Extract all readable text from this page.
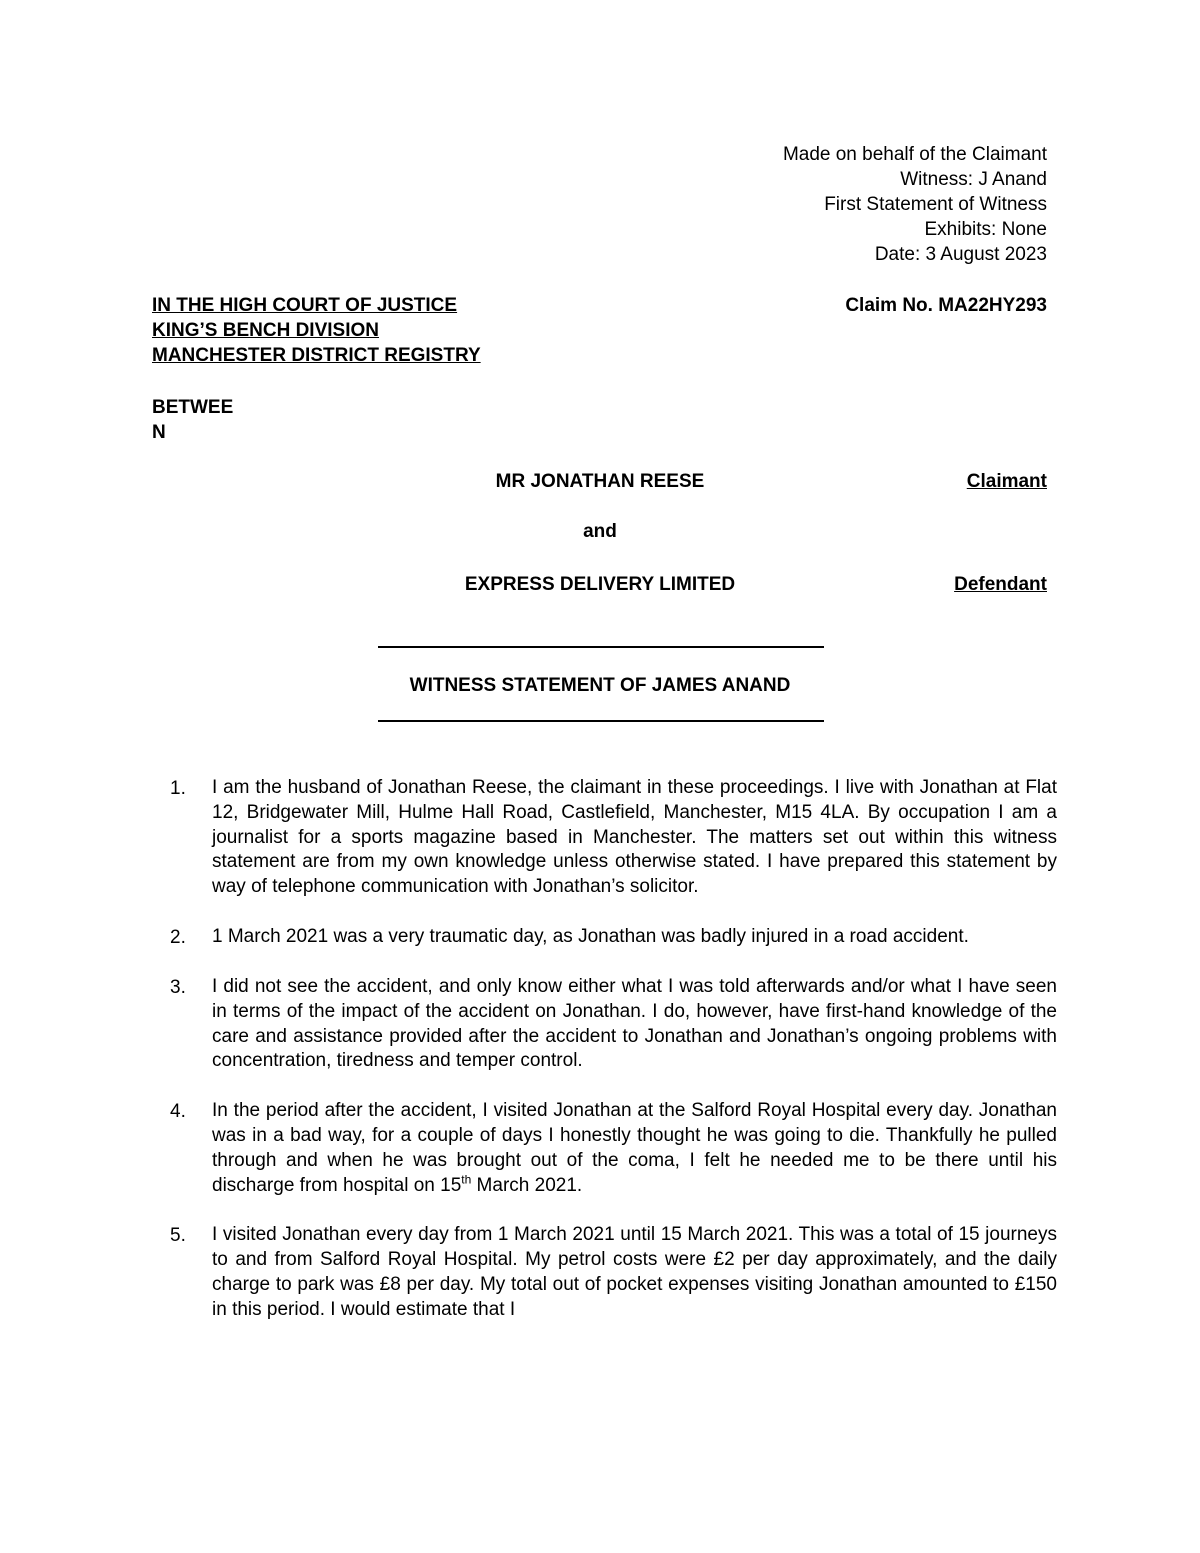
Made on behalf of the Claimant
Witness: J Anand
First Statement of Witness
Exhibits: None
Date: 3 August 2023
IN THE HIGH COURT OF JUSTICE
KING’S BENCH DIVISION
MANCHESTER DISTRICT REGISTRY
Claim No. MA22HY293
BETWEE
N
MR JONATHAN REESE	Claimant
and
EXPRESS DELIVERY LIMITED	Defendant
WITNESS STATEMENT OF JAMES ANAND
1.	I am the husband of Jonathan Reese, the claimant in these proceedings. I live with Jonathan at Flat 12, Bridgewater Mill, Hulme Hall Road, Castlefield, Manchester, M15 4LA. By occupation I am a journalist for a sports magazine based in Manchester. The matters set out within this witness statement are from my own knowledge unless otherwise stated. I have prepared this statement by way of telephone communication with Jonathan’s solicitor.
2.	1 March 2021 was a very traumatic day, as Jonathan was badly injured in a road accident.
3.	I did not see the accident, and only know either what I was told afterwards and/or what I have seen in terms of the impact of the accident on Jonathan. I do, however, have first-hand knowledge of the care and assistance provided after the accident to Jonathan and Jonathan’s ongoing problems with concentration, tiredness and temper control.
4.	In the period after the accident, I visited Jonathan at the Salford Royal Hospital every day. Jonathan was in a bad way, for a couple of days I honestly thought he was going to die. Thankfully he pulled through and when he was brought out of the coma, I felt he needed me to be there until his discharge from hospital on 15th March 2021.
5.	I visited Jonathan every day from 1 March 2021 until 15 March 2021. This was a total of 15 journeys to and from Salford Royal Hospital. My petrol costs were £2 per day approximately, and the daily charge to park was £8 per day. My total out of pocket expenses visiting Jonathan amounted to £150 in this period. I would estimate that I
